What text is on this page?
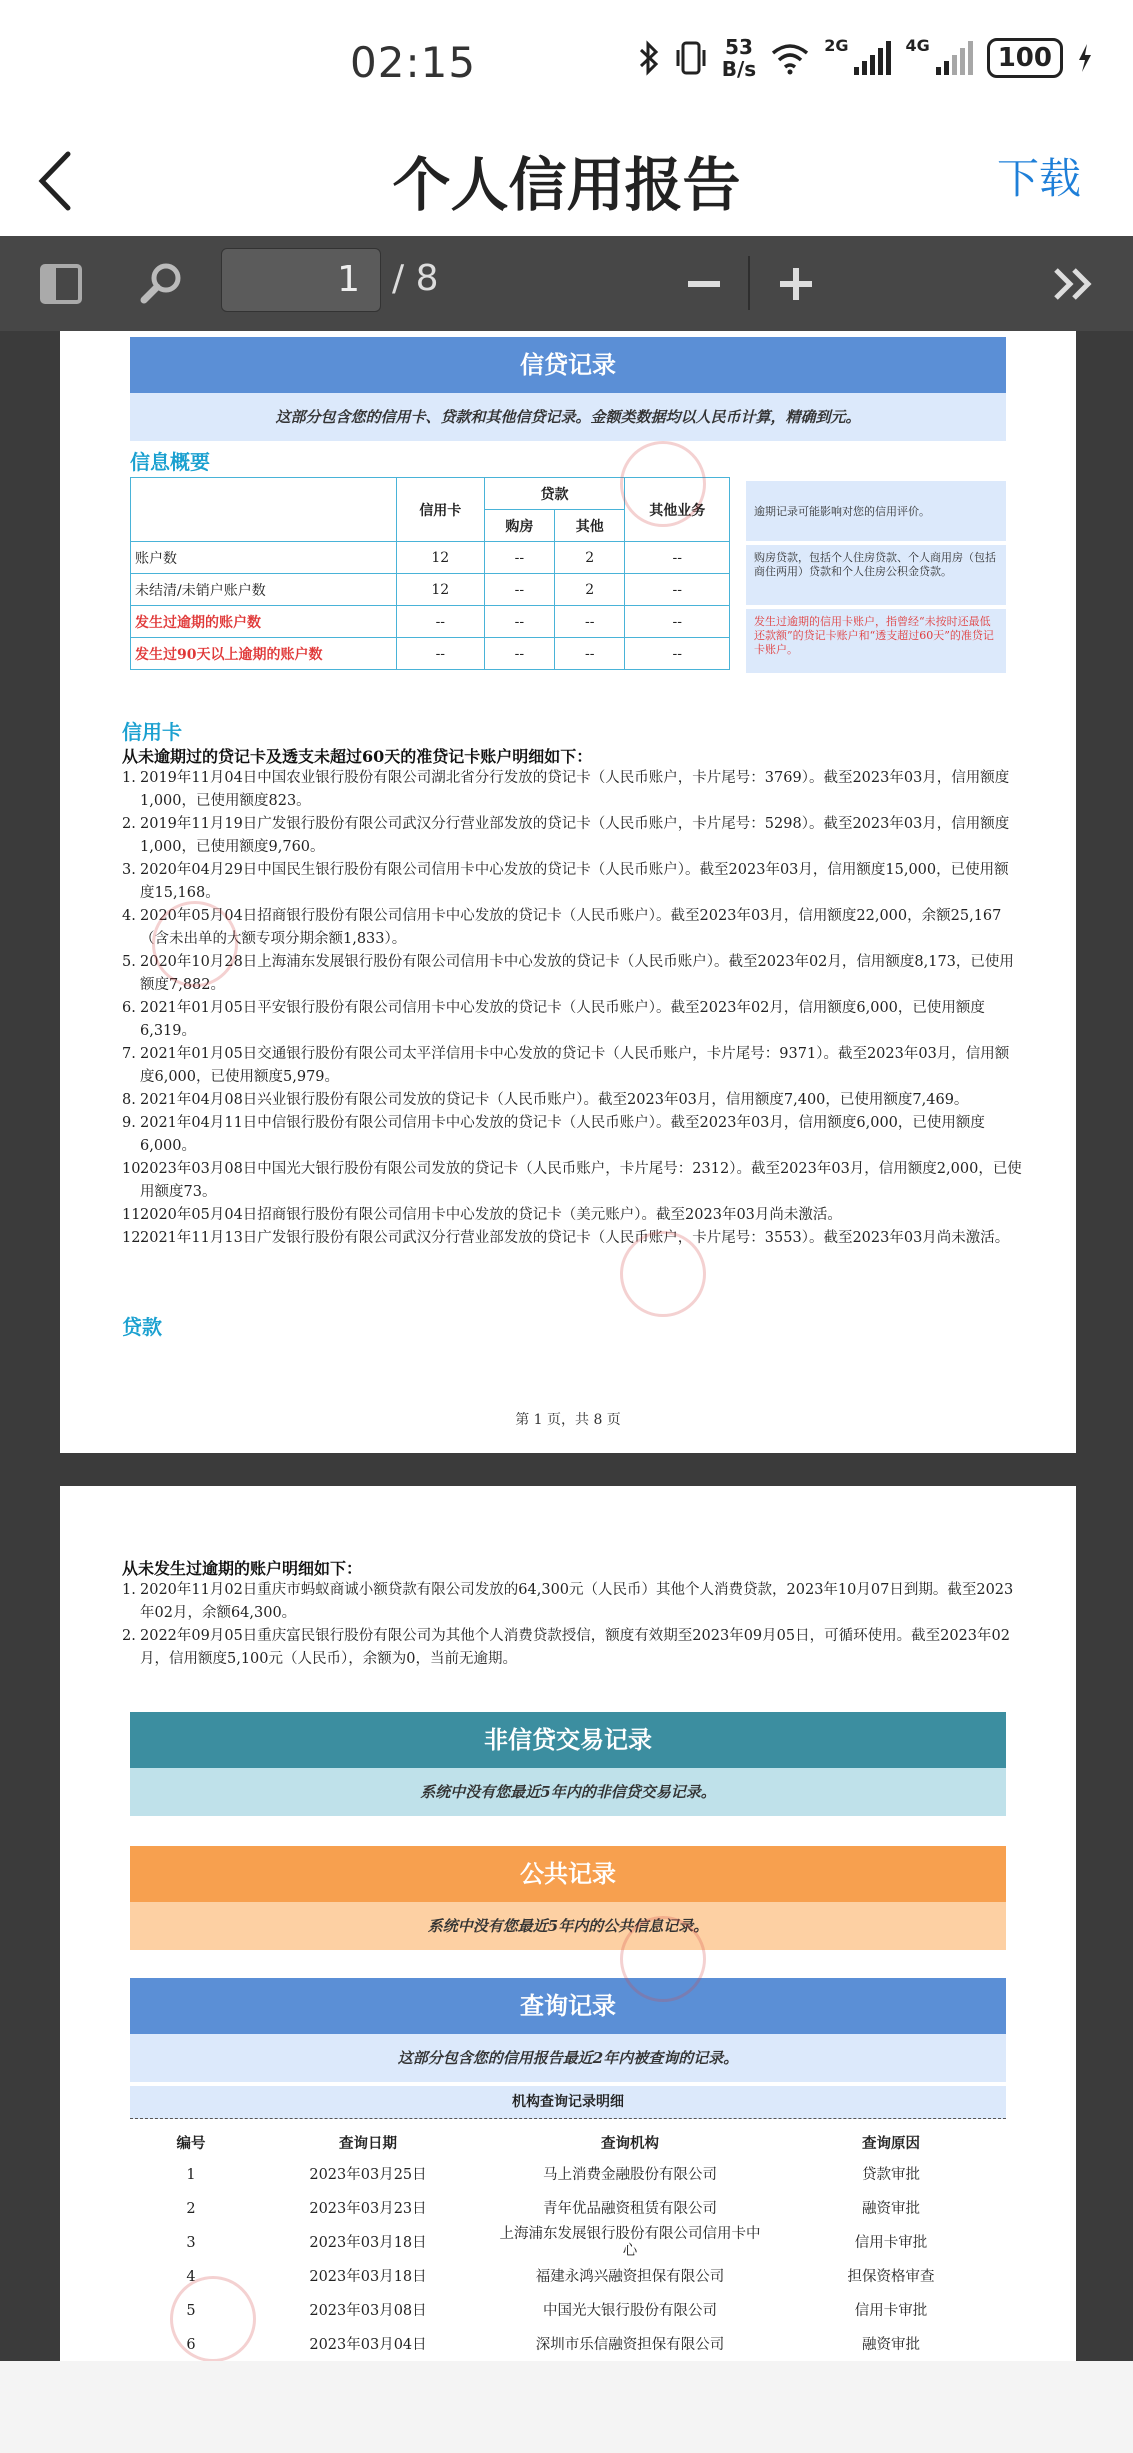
02:15	53
B/s
2G	4G	100
个人信用报告	下载
1 / 8
信贷记录
这部分包含您的信用卡、贷款和其他信贷记录。金额类数据均以人民币计算，精确到元。
信息概要
	信用卡	贷款		其他业务
		购房	其他	
账户数	12	--	2	--
未结清/未销户账户数	12	--	2	--
发生过逾期的账户数	--	--	--	--
发生过90天以上逾期的账户数	--	--	--	--
逾期记录可能影响对您的信用评价。
购房贷款，包括个人住房贷款、个人商用房（包括商住两用）贷款和个人住房公积金贷款。
发生过逾期的信用卡账户，指曾经“未按时还最低还款额”的贷记卡账户和“透支超过60天”的准贷记卡账户。
信用卡
从未逾期过的贷记卡及透支未超过60天的准贷记卡账户明细如下：
1. 2019年11月04日中国农业银行股份有限公司湖北省分行发放的贷记卡（人民币账户，卡片尾号：3769）。截至2023年03月，信用额度1,000，已使用额度823。
2. 2019年11月19日广发银行股份有限公司武汉分行营业部发放的贷记卡（人民币账户，卡片尾号：5298）。截至2023年03月，信用额度1,000，已使用额度9,760。
3. 2020年04月29日中国民生银行股份有限公司信用卡中心发放的贷记卡（人民币账户）。截至2023年03月，信用额度15,000，已使用额度15,168。
4. 2020年05月04日招商银行股份有限公司信用卡中心发放的贷记卡（人民币账户）。截至2023年03月，信用额度22,000，余额25,167（含未出单的大额专项分期余额1,833）。
5. 2020年10月28日上海浦东发展银行股份有限公司信用卡中心发放的贷记卡（人民币账户）。截至2023年02月，信用额度8,173，已使用额度7,882。
6. 2021年01月05日平安银行股份有限公司信用卡中心发放的贷记卡（人民币账户）。截至2023年02月，信用额度6,000，已使用额度6,319。
7. 2021年01月05日交通银行股份有限公司太平洋信用卡中心发放的贷记卡（人民币账户，卡片尾号：9371）。截至2023年03月，信用额度6,000，已使用额度5,979。
8. 2021年04月08日兴业银行股份有限公司发放的贷记卡（人民币账户）。截至2023年03月，信用额度7,400，已使用额度7,469。
9. 2021年04月11日中信银行股份有限公司信用卡中心发放的贷记卡（人民币账户）。截至2023年03月，信用额度6,000，已使用额度6,000。
10.2023年03月08日中国光大银行股份有限公司发放的贷记卡（人民币账户，卡片尾号：2312）。截至2023年03月，信用额度2,000，已使用额度73。
11.2020年05月04日招商银行股份有限公司信用卡中心发放的贷记卡（美元账户）。截至2023年03月尚未激活。
12.2021年11月13日广发银行股份有限公司武汉分行营业部发放的贷记卡（人民币账户，卡片尾号：3553）。截至2023年03月尚未激活。
贷款
第 1 页，共 8 页
从未发生过逾期的账户明细如下：
1. 2020年11月02日重庆市蚂蚁商诚小额贷款有限公司发放的64,300元（人民币）其他个人消费贷款，2023年10月07日到期。截至2023年02月，余额64,300。
2. 2022年09月05日重庆富民银行股份有限公司为其他个人消费贷款授信，额度有效期至2023年09月05日，可循环使用。截至2023年02月，信用额度5,100元（人民币），余额为0，当前无逾期。
非信贷交易记录
系统中没有您最近5年内的非信贷交易记录。
公共记录
系统中没有您最近5年内的公共信息记录。
查询记录
这部分包含您的信用报告最近2年内被查询的记录。
机构查询记录明细
编号	查询日期	查询机构	查询原因
1	2023年03月25日	马上消费金融股份有限公司	贷款审批
2	2023年03月23日	青年优品融资租赁有限公司	融资审批
3	2023年03月18日	上海浦东发展银行股份有限公司信用卡中心	信用卡审批
4	2023年03月18日	福建永鸿兴融资担保有限公司	担保资格审查
5	2023年03月08日	中国光大银行股份有限公司	信用卡审批
6	2023年03月04日	深圳市乐信融资担保有限公司	融资审批
